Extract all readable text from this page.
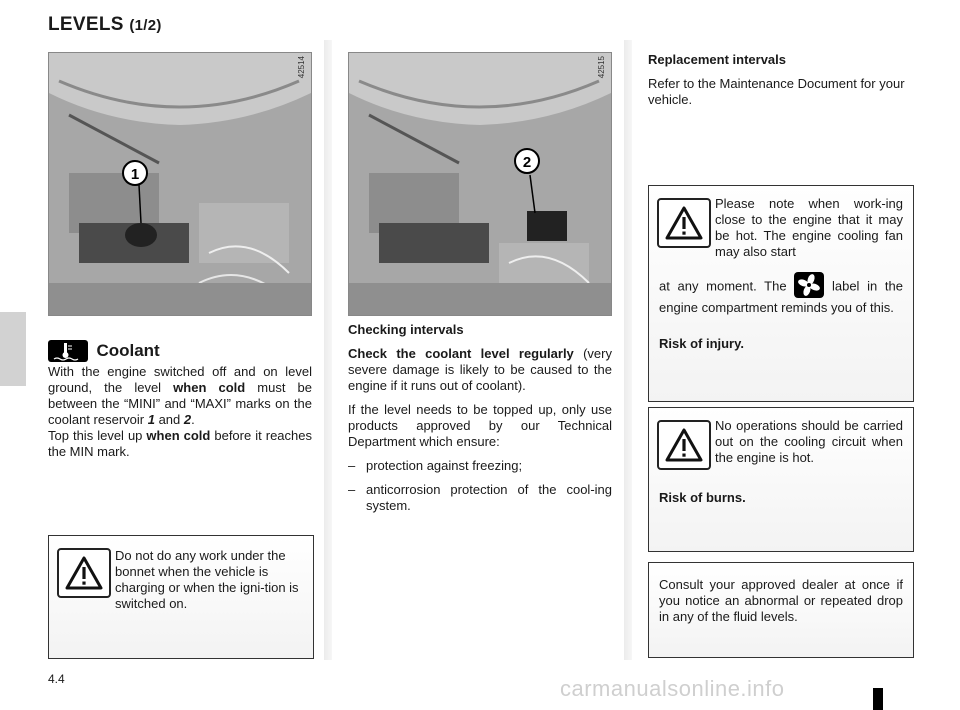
LEVELS (1/2)
1
42514
2
42515
Coolant
With the engine switched off and on level ground, the level when cold must be between the “MINI” and “MAXI” marks on the coolant reservoir 1 and 2.
Top this level up when cold before it reaches the MIN mark.
Do not do any work under the bonnet when the vehicle is charging or when the igni-tion is switched on.

Checking intervals

Check the coolant level regularly (very severe damage is likely to be caused to the engine if it runs out of coolant).

If the level needs to be topped up, only use products approved by our Technical Department which ensure:

– protection against freezing;
– anticorrosion protection of the cool-ing system.

Replacement intervals

Refer to the Maintenance Document for your vehicle.

Please note when work-ing close to the engine that it may be hot. The engine cooling fan may also start
at any moment. The	label in the engine compartment reminds you of this.
Risk of injury.
No operations should be carried out on the cooling circuit when the engine is hot.
Risk of burns.
Consult your approved dealer at once if you notice an abnormal or repeated drop in any of the fluid levels.
4.4	carmanualsonline.info
